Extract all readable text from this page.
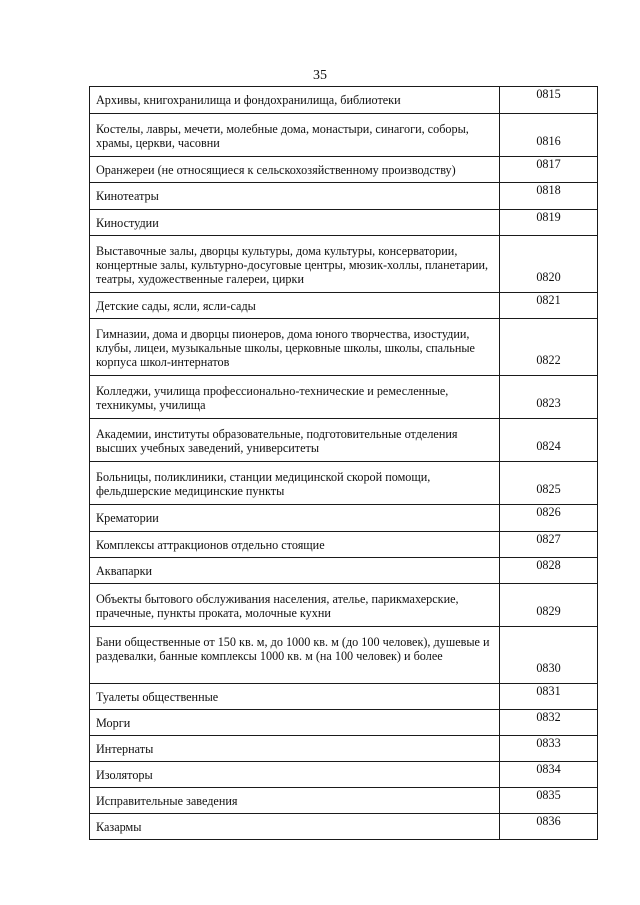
35
Архивы, книгохранилища и фондохранилища, библиотеки	0815
Костелы, лавры, мечети, молебные дома, монастыри, синагоги, соборы, храмы, церкви, часовни	0816
Оранжереи (не относящиеся к сельскохозяйственному производству)	0817
Кинотеатры	0818
Киностудии	0819
Выставочные залы, дворцы культуры, дома культуры, консерватории, концертные залы, культурно-досуговые центры, мюзик-холлы, планетарии, театры, художественные галереи, цирки	0820
Детские сады, ясли, ясли-сады	0821
Гимназии, дома и дворцы пионеров, дома юного творчества, изостудии, клубы, лицеи, музыкальные школы, церковные школы, школы, спальные корпуса школ-интернатов	0822
Колледжи, училища профессионально-технические и ремесленные, техникумы, училища	0823
Академии, институты образовательные, подготовительные отделения высших учебных заведений, университеты	0824
Больницы, поликлиники, станции медицинской скорой помощи, фельдшерские медицинские пункты	0825
Крематории	0826
Комплексы аттракционов отдельно стоящие	0827
Аквапарки	0828
Объекты бытового обслуживания населения, ателье, парикмахерские, прачечные, пункты проката, молочные кухни	0829
Бани общественные от 150 кв. м, до 1000 кв. м (до 100 человек), душевые и раздевалки, банные комплексы 1000 кв. м (на 100 человек) и более	0830
Туалеты общественные	0831
Морги	0832
Интернаты	0833
Изоляторы	0834
Исправительные заведения	0835
Казармы	0836
